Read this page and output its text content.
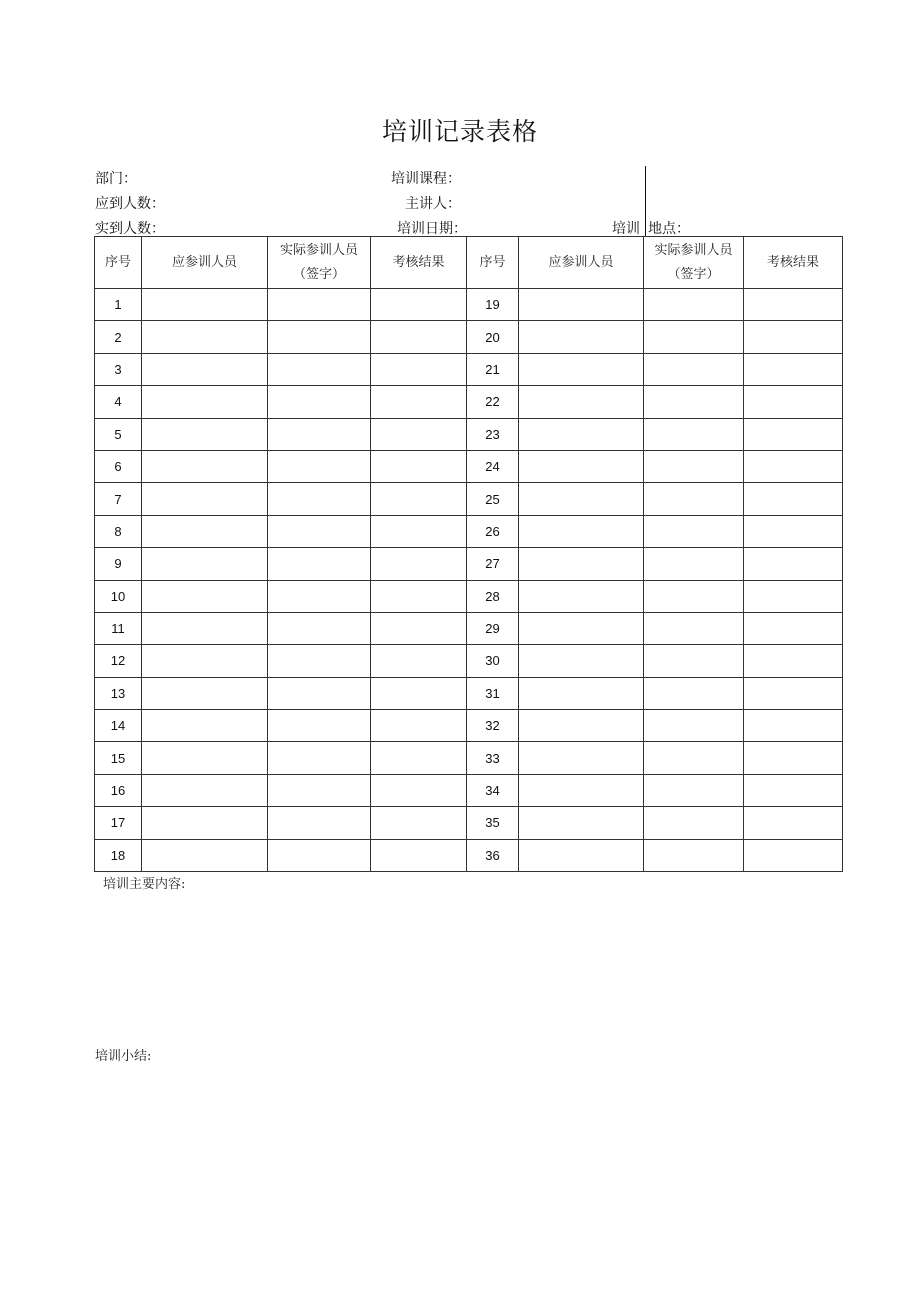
培训记录表格
部门：	培训课程：
应到人数：	主讲人：
实到人数：	培训日期：	培训 地点：
序号	应参训人员	实际参训人员（签字）	考核结果	序号	应参训人员	实际参训人员（签字）	考核结果
1				19			
2				20			
3				21			
4				22			
5				23			
6				24			
7				25			
8				26			
9				27			
10				28			
11				29			
12				30			
13				31			
14				32			
15				33			
16				34			
17				35			
18				36			
培训主要内容:
培训小结:
